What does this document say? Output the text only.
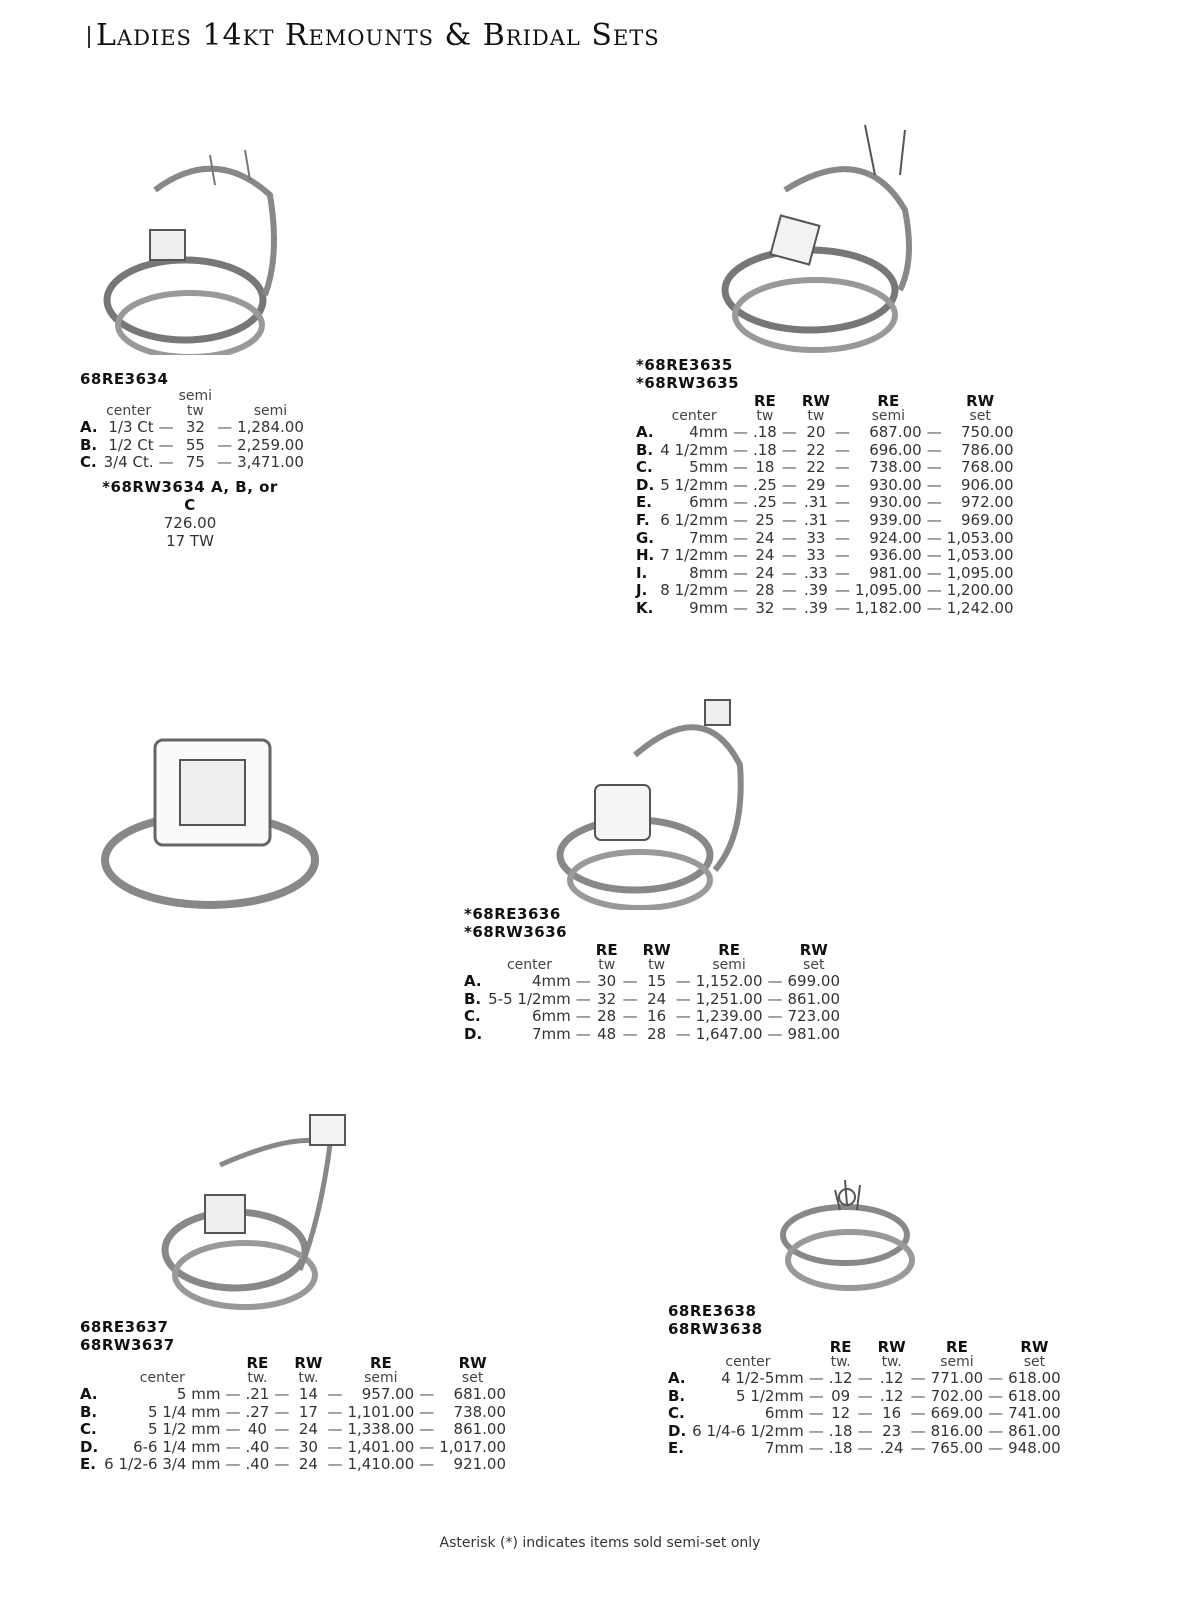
Ladies 14kt Remounts & Bridal Sets
68RE3634
			semi		
	center		tw		semi
A.	1/3 Ct	—	32	—	1,284.00
B.	1/2 Ct	—	55	—	2,259.00
C.	3/4 Ct.	—	75	—	3,471.00
*68RW3634 A, B, or C
726.00
17 TW
*68RE3635
*68RW3635
			RE		RW		RE		RW
	center		tw		tw		semi		set
A.	4mm	—	.18	—	20	—	687.00	—	750.00
B.	4 1/2mm	—	.18	—	22	—	696.00	—	786.00
C.	5mm	—	18	—	22	—	738.00	—	768.00
D.	5 1/2mm	—	.25	—	29	—	930.00	—	906.00
E.	6mm	—	.25	—	.31	—	930.00	—	972.00
F.	6 1/2mm	—	25	—	.31	—	939.00	—	969.00
G.	7mm	—	24	—	33	—	924.00	—	1,053.00
H.	7 1/2mm	—	24	—	33	—	936.00	—	1,053.00
I.	8mm	—	24	—	.33	—	981.00	—	1,095.00
J.	8 1/2mm	—	28	—	.39	—	1,095.00	—	1,200.00
K.	9mm	—	32	—	.39	—	1,182.00	—	1,242.00
*68RE3636
*68RW3636
			RE		RW		RE		RW
	center		tw		tw		semi		set
A.	4mm	—	30	—	15	—	1,152.00	—	699.00
B.	5-5 1/2mm	—	32	—	24	—	1,251.00	—	861.00
C.	6mm	—	28	—	16	—	1,239.00	—	723.00
D.	7mm	—	48	—	28	—	1,647.00	—	981.00
68RE3637
68RW3637
			RE		RW		RE		RW
	center		tw.		tw.		semi		set
A.	5 mm	—	.21	—	14	—	957.00	—	681.00
B.	5 1/4 mm	—	.27	—	17	—	1,101.00	—	738.00
C.	5 1/2 mm	—	40	—	24	—	1,338.00	—	861.00
D.	6-6 1/4 mm	—	.40	—	30	—	1,401.00	—	1,017.00
E.	6 1/2-6 3/4 mm	—	.40	—	24	—	1,410.00	—	921.00
68RE3638
68RW3638
			RE		RW		RE		RW
	center		tw.		tw.		semi		set
A.	4 1/2-5mm	—	.12	—	.12	—	771.00	—	618.00
B.	5 1/2mm	—	09	—	.12	—	702.00	—	618.00
C.	6mm	—	12	—	16	—	669.00	—	741.00
D.	6 1/4-6 1/2mm	—	.18	—	23	—	816.00	—	861.00
E.	7mm	—	.18	—	.24	—	765.00	—	948.00
Asterisk (*) indicates items sold semi-set only
